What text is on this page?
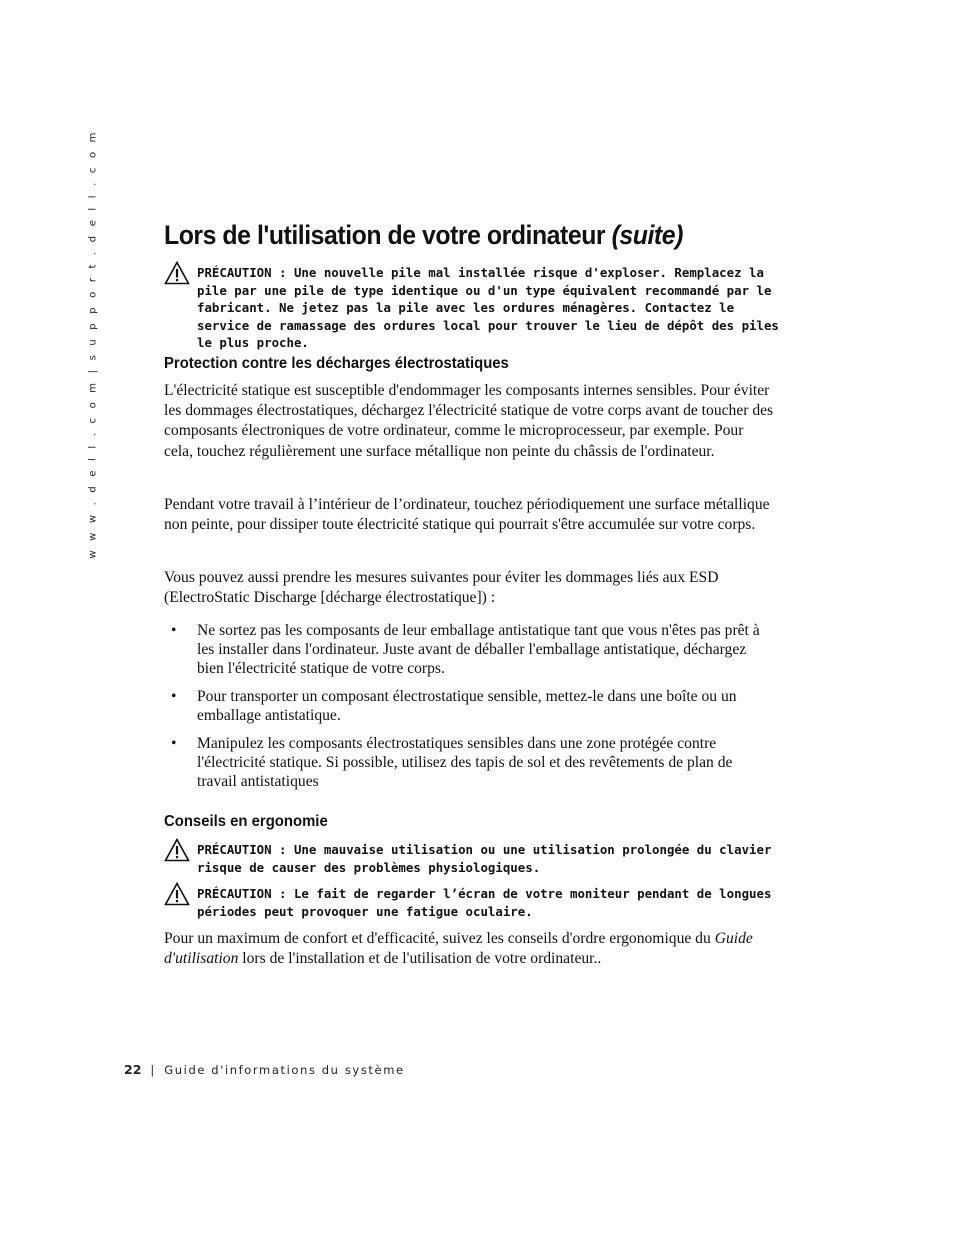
w w w . d e l l . c o m | s u p p o r t . d e l l . c o m Lors de l'utilisation de votre ordinateur (suite)

PRÉCAUTION : Une nouvelle pile mal installée risque d'exploser. Remplacez la pile par une pile de type identique ou d'un type équivalent recommandé par le fabricant. Ne jetez pas la pile avec les ordures ménagères. Contactez le service de ramassage des ordures local pour trouver le lieu de dépôt des piles le plus proche.

Protection contre les décharges électrostatiques

L'électricité statique est susceptible d'endommager les composants internes sensibles. Pour éviter les dommages électrostatiques, déchargez l'électricité statique de votre corps avant de toucher des composants électroniques de votre ordinateur, comme le microprocesseur, par exemple. Pour cela, touchez régulièrement une surface métallique non peinte du châssis de l'ordinateur.

Pendant votre travail à l’intérieur de l’ordinateur, touchez périodiquement une surface métallique non peinte, pour dissiper toute électricité statique qui pourrait s'être accumulée sur votre corps.

Vous pouvez aussi prendre les mesures suivantes pour éviter les dommages liés aux ESD (ElectroStatic Discharge [décharge électrostatique]) :

• Ne sortez pas les composants de leur emballage antistatique tant que vous n'êtes pas prêt à les installer dans l'ordinateur. Juste avant de déballer l'emballage antistatique, déchargez bien l'électricité statique de votre corps.

• Pour transporter un composant électrostatique sensible, mettez-le dans une boîte ou un emballage antistatique.

• Manipulez les composants électrostatiques sensibles dans une zone protégée contre l'électricité statique. Si possible, utilisez des tapis de sol et des revêtements de plan de travail antistatiques

Conseils en ergonomie

PRÉCAUTION : Une mauvaise utilisation ou une utilisation prolongée du clavier risque de causer des problèmes physiologiques.

PRÉCAUTION : Le fait de regarder l’écran de votre moniteur pendant de longues périodes peut provoquer une fatigue oculaire.

Pour un maximum de confort et d'efficacité, suivez les conseils d'ordre ergonomique du Guide d'utilisation lors de l'installation et de l'utilisation de votre ordinateur..

22 | Guide d'informations du système
